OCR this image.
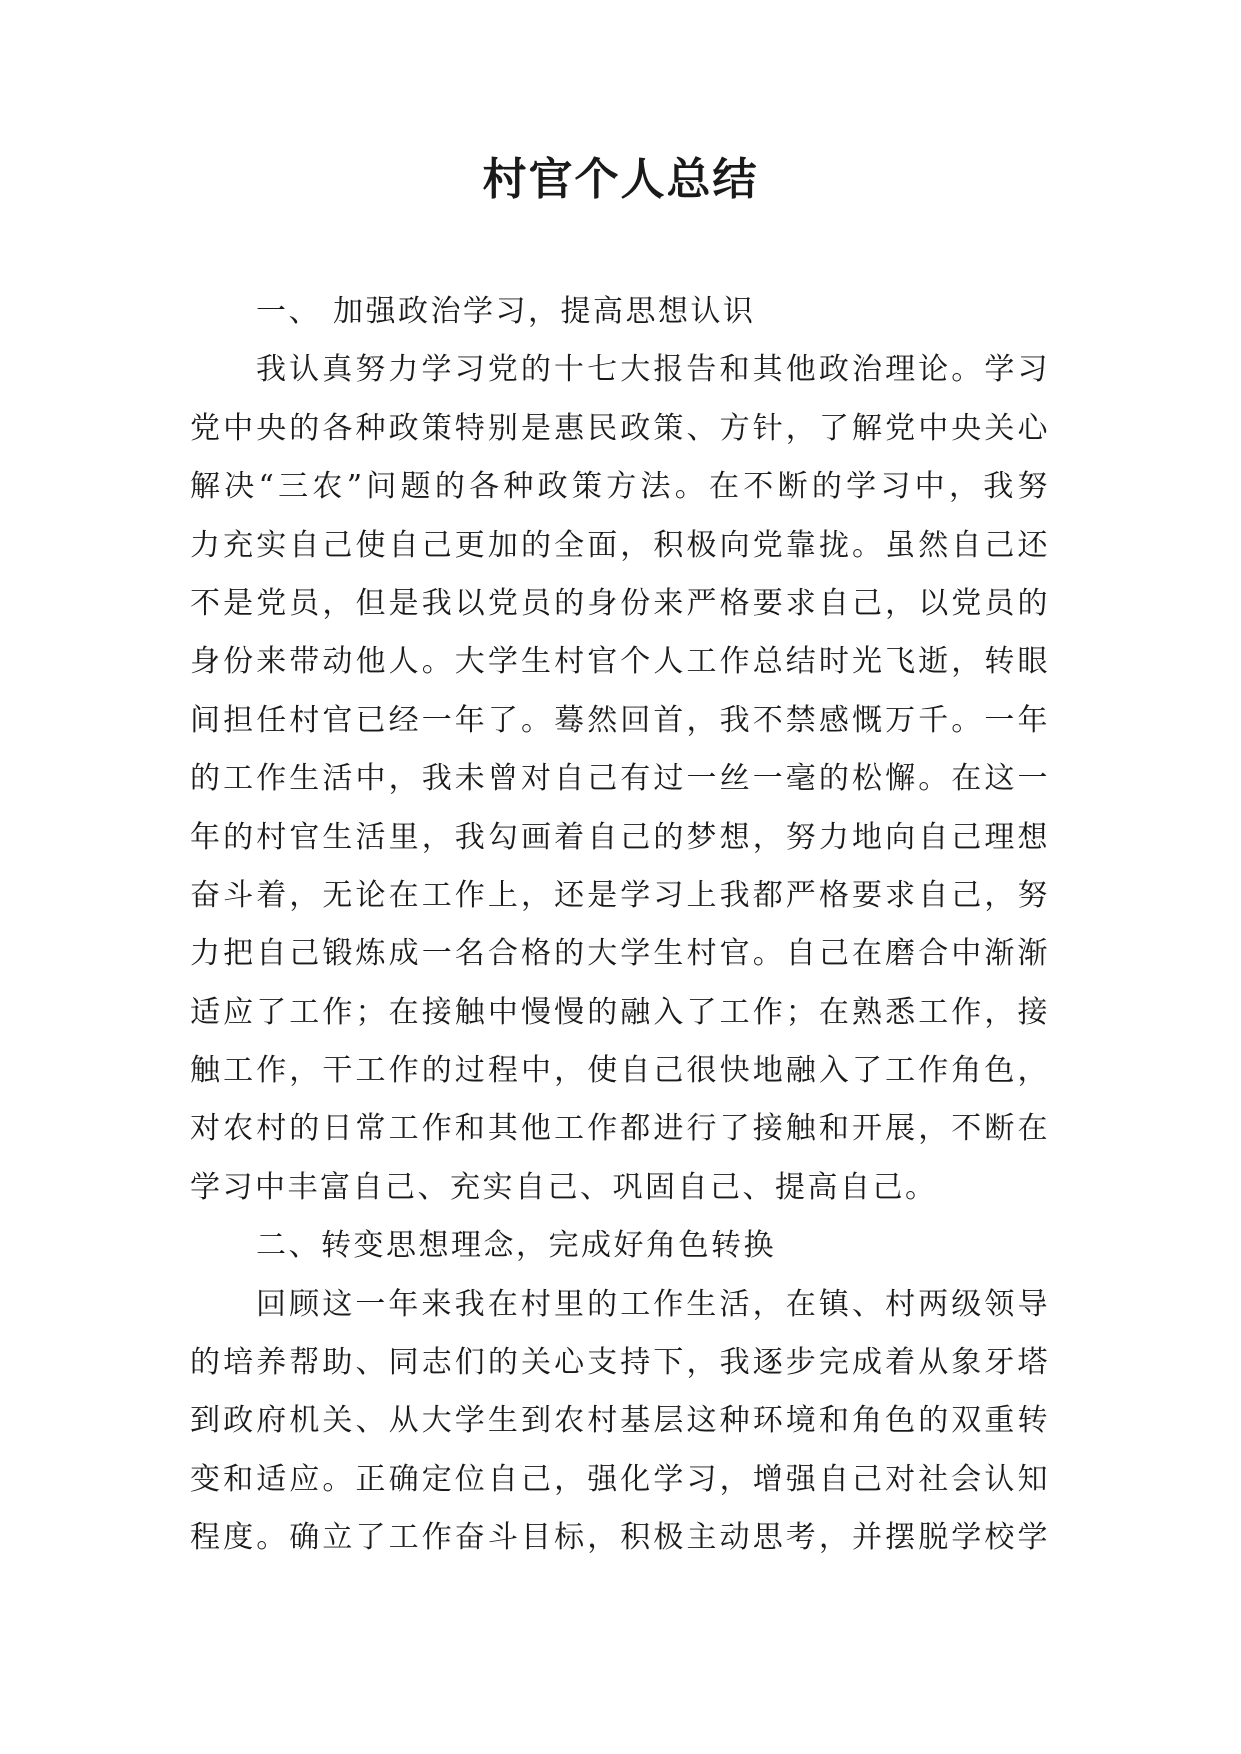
村官个人总结
一、 加强政治学习，提高思想认识
我认真努力学习党的十七大报告和其他政治理论。学习
党中央的各种政策特别是惠民政策、方针，了解党中央关心
解决“三农”问题的各种政策方法。在不断的学习中，我努
力充实自己使自己更加的全面，积极向党靠拢。虽然自己还
不是党员，但是我以党员的身份来严格要求自己，以党员的
身份来带动他人。大学生村官个人工作总结时光飞逝，转眼
间担任村官已经一年了。蓦然回首，我不禁感慨万千。一年
的工作生活中，我未曾对自己有过一丝一毫的松懈。在这一
年的村官生活里，我勾画着自己的梦想，努力地向自己理想
奋斗着，无论在工作上，还是学习上我都严格要求自己，努
力把自己锻炼成一名合格的大学生村官。自己在磨合中渐渐
适应了工作；在接触中慢慢的融入了工作；在熟悉工作，接
触工作，干工作的过程中，使自己很快地融入了工作角色，
对农村的日常工作和其他工作都进行了接触和开展，不断在
学习中丰富自己、充实自己、巩固自己、提高自己。
二、转变思想理念，完成好角色转换
回顾这一年来我在村里的工作生活，在镇、村两级领导
的培养帮助、同志们的关心支持下，我逐步完成着从象牙塔
到政府机关、从大学生到农村基层这种环境和角色的双重转
变和适应。正确定位自己，强化学习，增强自己对社会认知
程度。确立了工作奋斗目标，积极主动思考，并摆脱学校学
